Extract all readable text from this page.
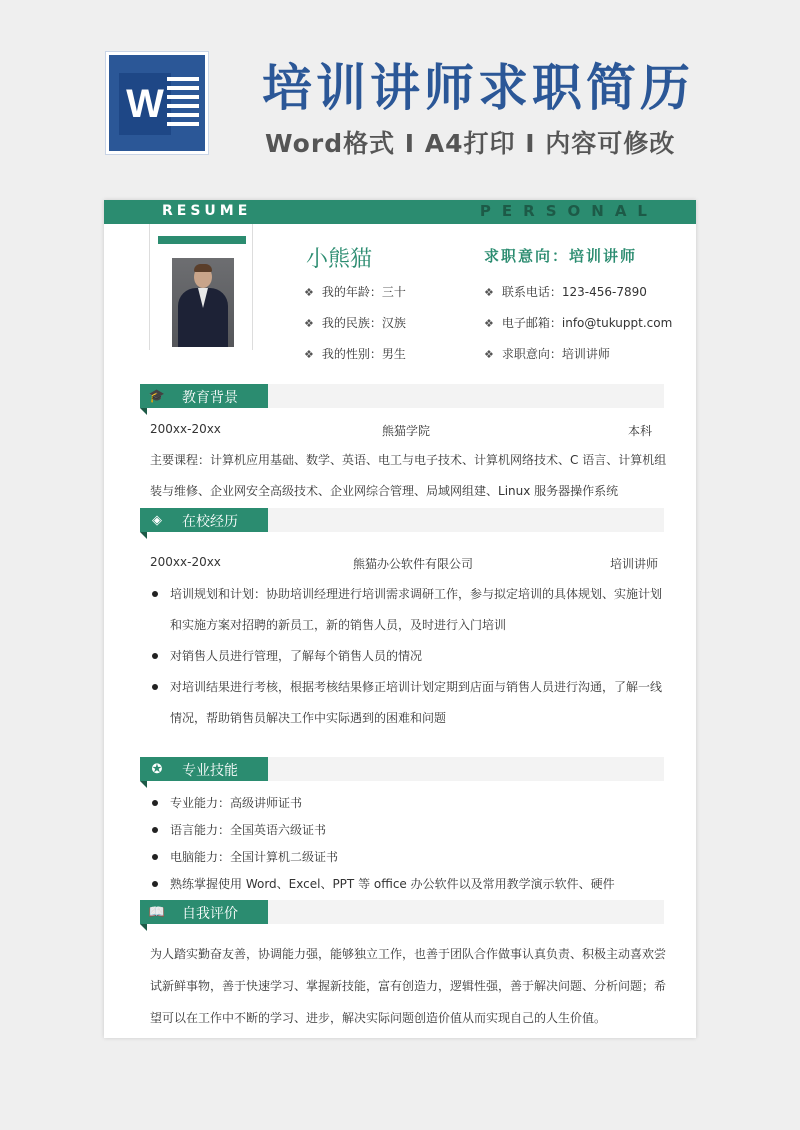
W 培训讲师求职简历
Word格式 I A4打印 I 内容可修改
RESUME	PERSONAL
小熊猫	求职意向：培训讲师
❖ 我的年龄：三十
❖ 我的民族：汉族
❖ 我的性别：男生
❖ 联系电话：123-456-7890
❖ 电子邮箱：info@tukuppt.com
❖ 求职意向：培训讲师
🎓 教育背景
200xx-20xx	熊猫学院	本科
主要课程：计算机应用基础、数学、英语、电工与电子技术、计算机网络技术、C 语言、计算机组装与维修、企业网安全高级技术、企业网综合管理、局域网组建、Linux 服务器操作系统
◈ 在校经历
200xx-20xx	熊猫办公软件有限公司	培训讲师
培训规划和计划：协助培训经理进行培训需求调研工作，参与拟定培训的具体规划、实施计划和实施方案对招聘的新员工，新的销售人员，及时进行入门培训
对销售人员进行管理，了解每个销售人员的情况
对培训结果进行考核，根据考核结果修正培训计划定期到店面与销售人员进行沟通，了解一线情况，帮助销售员解决工作中实际遇到的困难和问题
✪ 专业技能
专业能力：高级讲师证书
语言能力：全国英语六级证书
电脑能力：全国计算机二级证书
熟练掌握使用 Word、Excel、PPT 等 office 办公软件以及常用教学演示软件、硬件
📖 自我评价
为人踏实勤奋友善，协调能力强，能够独立工作，也善于团队合作做事认真负责、积极主动喜欢尝试新鲜事物，善于快速学习、掌握新技能，富有创造力，逻辑性强，善于解决问题、分析问题；希望可以在工作中不断的学习、进步，解决实际问题创造价值从而实现自己的人生价值。
